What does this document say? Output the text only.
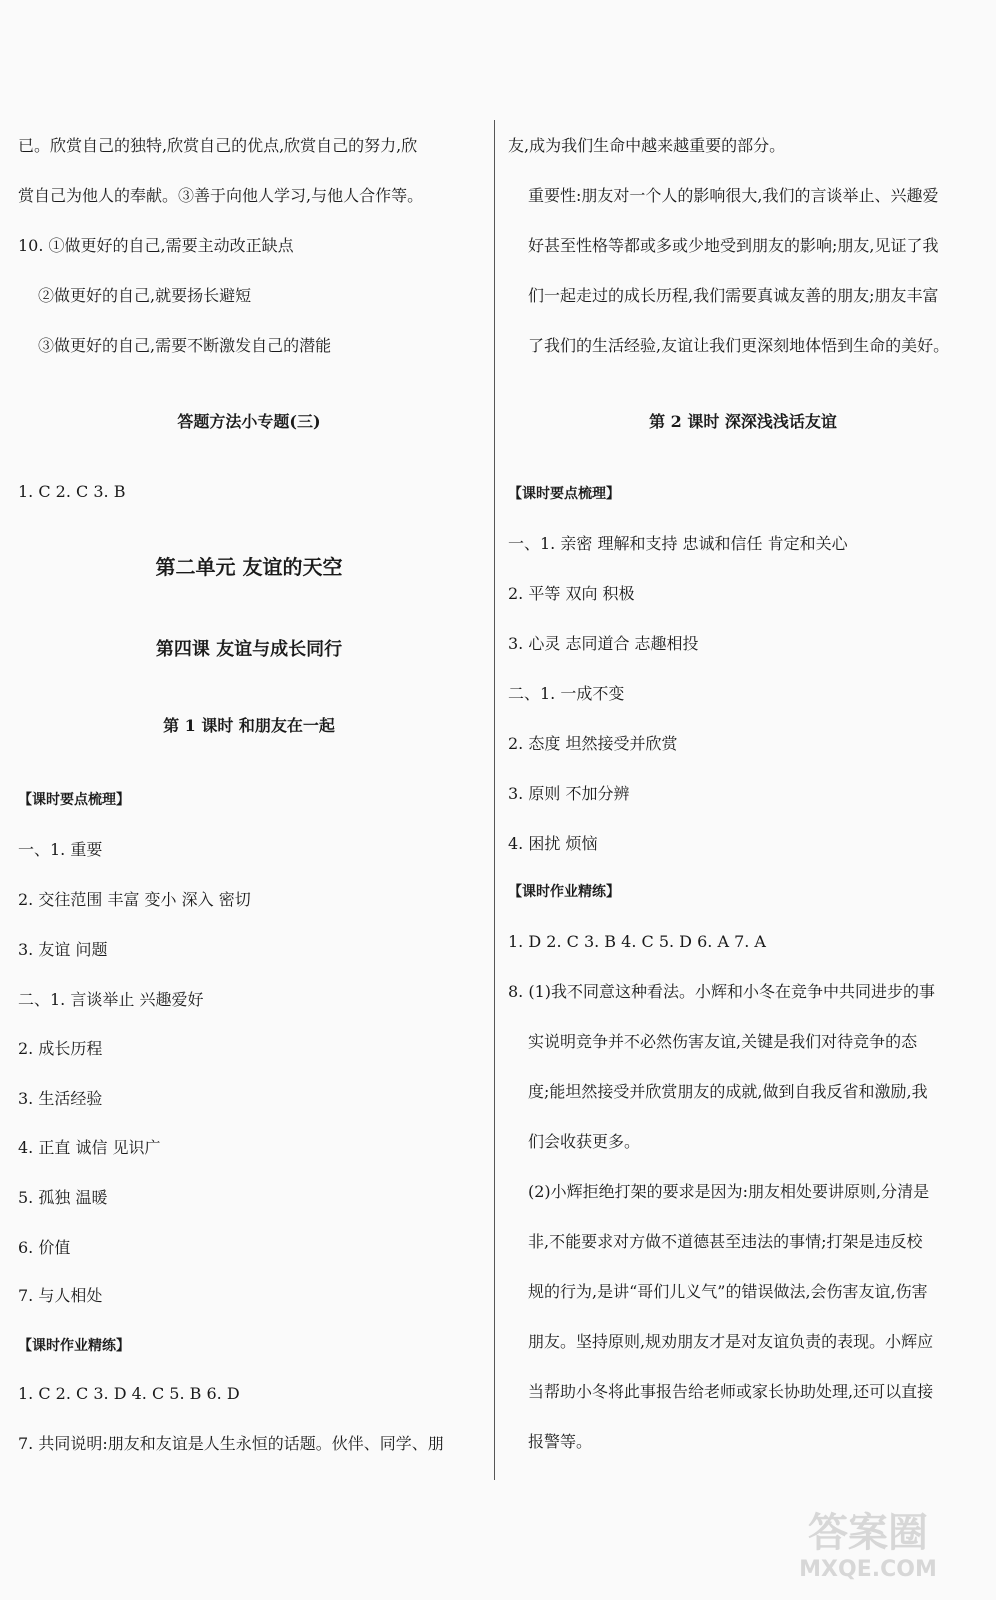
已。欣赏自己的独特,欣赏自己的优点,欣赏自己的努力,欣
赏自己为他人的奉献。③善于向他人学习,与他人合作等。
10. ①做更好的自己,需要主动改正缺点
②做更好的自己,就要扬长避短
③做更好的自己,需要不断激发自己的潜能
答题方法小专题(三)
1. C 2. C 3. B
第二单元 友谊的天空
第四课 友谊与成长同行
第 1 课时 和朋友在一起
【课时要点梳理】
一、1. 重要
2. 交往范围 丰富 变小 深入 密切
3. 友谊 问题
二、1. 言谈举止 兴趣爱好
2. 成长历程
3. 生活经验
4. 正直 诚信 见识广
5. 孤独 温暖
6. 价值
7. 与人相处
【课时作业精练】
1. C 2. C 3. D 4. C 5. B 6. D
7. 共同说明:朋友和友谊是人生永恒的话题。伙伴、同学、朋
友,成为我们生命中越来越重要的部分。
重要性:朋友对一个人的影响很大,我们的言谈举止、兴趣爱
好甚至性格等都或多或少地受到朋友的影响;朋友,见证了我
们一起走过的成长历程,我们需要真诚友善的朋友;朋友丰富
了我们的生活经验,友谊让我们更深刻地体悟到生命的美好。
第 2 课时 深深浅浅话友谊
【课时要点梳理】
一、1. 亲密 理解和支持 忠诚和信任 肯定和关心
2. 平等 双向 积极
3. 心灵 志同道合 志趣相投
二、1. 一成不变
2. 态度 坦然接受并欣赏
3. 原则 不加分辨
4. 困扰 烦恼
【课时作业精练】
1. D 2. C 3. B 4. C 5. D 6. A 7. A
8. (1)我不同意这种看法。小辉和小冬在竞争中共同进步的事
实说明竞争并不必然伤害友谊,关键是我们对待竞争的态
度;能坦然接受并欣赏朋友的成就,做到自我反省和激励,我
们会收获更多。
(2)小辉拒绝打架的要求是因为:朋友相处要讲原则,分清是
非,不能要求对方做不道德甚至违法的事情;打架是违反校
规的行为,是讲“哥们儿义气”的错误做法,会伤害友谊,伤害
朋友。坚持原则,规劝朋友才是对友谊负责的表现。小辉应
当帮助小冬将此事报告给老师或家长协助处理,还可以直接
报警等。
答案圈
MXQE.COM
